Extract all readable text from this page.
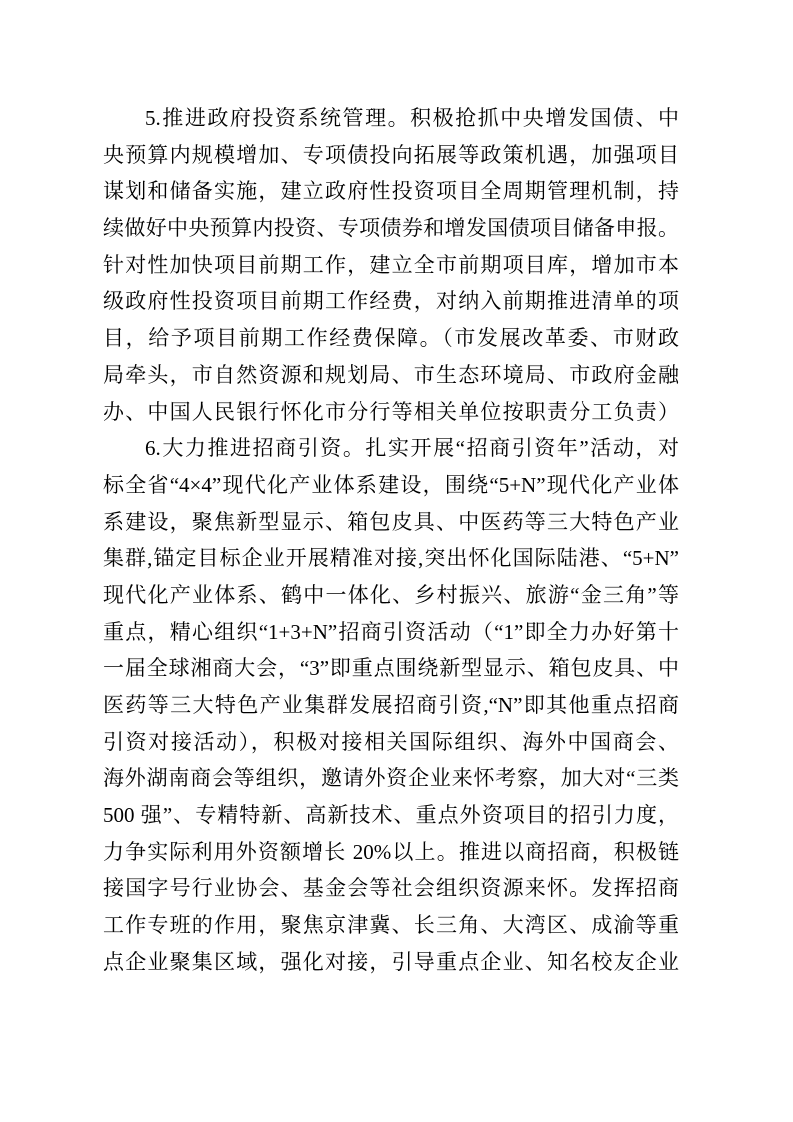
5.推进政府投资系统管理。积极抢抓中央增发国债、中
央预算内规模增加、专项债投向拓展等政策机遇，加强项目
谋划和储备实施，建立政府性投资项目全周期管理机制，持
续做好中央预算内投资、专项债券和增发国债项目储备申报。
针对性加快项目前期工作，建立全市前期项目库，增加市本
级政府性投资项目前期工作经费，对纳入前期推进清单的项
目，给予项目前期工作经费保障。（市发展改革委、市财政
局牵头，市自然资源和规划局、市生态环境局、市政府金融
办、中国人民银行怀化市分行等相关单位按职责分工负责）
6.大力推进招商引资。扎实开展“招商引资年”活动，对
标全省“4×4”现代化产业体系建设，围绕“5+N”现代化产业体
系建设，聚焦新型显示、箱包皮具、中医药等三大特色产业
集群,锚定目标企业开展精准对接,突出怀化国际陆港、“5+N”
现代化产业体系、鹤中一体化、乡村振兴、旅游“金三角”等
重点，精心组织“1+3+N”招商引资活动（“1”即全力办好第十
一届全球湘商大会，“3”即重点围绕新型显示、箱包皮具、中
医药等三大特色产业集群发展招商引资,“N”即其他重点招商
引资对接活动），积极对接相关国际组织、海外中国商会、
海外湖南商会等组织，邀请外资企业来怀考察，加大对“三类
500 强”、专精特新、高新技术、重点外资项目的招引力度，
力争实际利用外资额增长 20%以上。推进以商招商，积极链
接国字号行业协会、基金会等社会组织资源来怀。发挥招商
工作专班的作用，聚焦京津冀、长三角、大湾区、成渝等重
点企业聚集区域，强化对接，引导重点企业、知名校友企业
